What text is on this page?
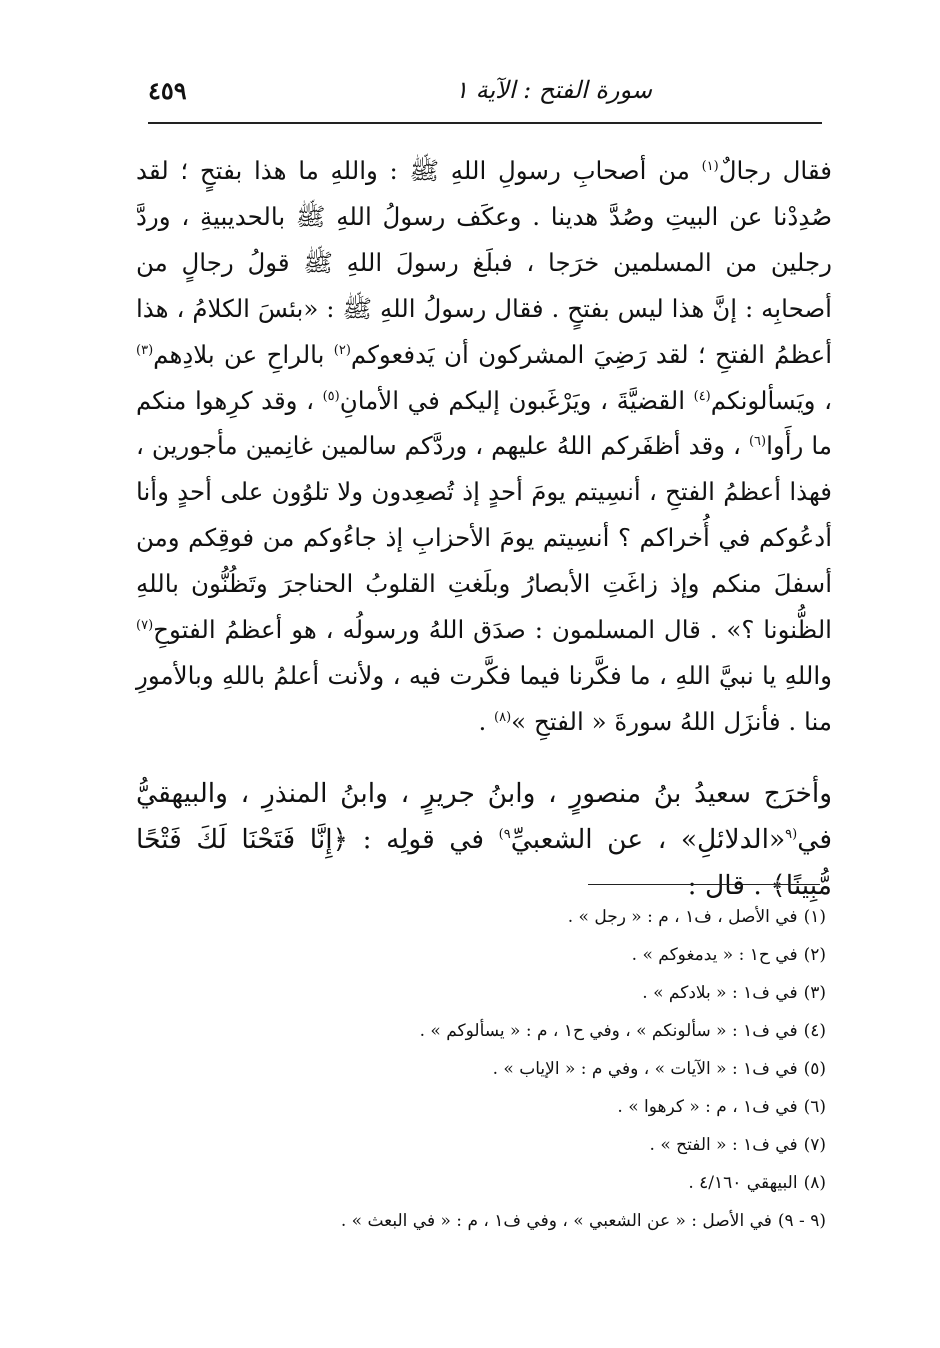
سورة الفتح : الآية ١
٤٥٩

فقال رجالٌ$^{(١)}$ من أصحابِ رسولِ اللهِ ﷺ : واللهِ ما هذا بفتحٍ ؛ لقد صُدِدْنا عن البيتِ وصُدَّ هدينا . وعكَف رسولُ اللهِ ﷺ بالحديبيةِ ، وردَّ رجلين من المسلمين خرَجا ، فبلَغ رسولَ اللهِ ﷺ قولُ رجالٍ من أصحابِه : إنَّ هذا ليس بفتحٍ . فقال رسولُ اللهِ ﷺ : «بئسَ الكلامُ ، هذا أعظمُ الفتحِ ؛ لقد رَضِيَ المشركون أن يَدفعوكم$^{(٢)}$ بالراحِ عن بلادِهم$^{(٣)}$ ، ويَسألونكم$^{(٤)}$ القضيَّةَ ، ويَرْغَبون إليكم في الأمانِ$^{(٥)}$ ، وقد كرِهوا منكم ما رأَوا$^{(٦)}$ ، وقد أظفَركم اللهُ عليهم ، وردَّكم سالمين غانِمين مأجورين ، فهذا أعظمُ الفتحِ ، أنسِيتم يومَ أحدٍ إذ تُصعِدون ولا تلوُون على أحدٍ وأنا أدعُوكم في أُخراكم ؟ أنسِيتم يومَ الأحزابِ إذ جاءُوكم من فوقِكم ومن أسفلَ منكم وإذ زاغَتِ الأبصارُ وبلَغتِ القلوبُ الحناجرَ وتَظُنُّون باللهِ الظُّنونا ؟» . قال المسلمون : صدَق اللهُ ورسولُه ، هو أعظمُ الفتوحِ$^{(٧)}$ واللهِ يا نبيَّ اللهِ ، ما فكَّرنا فيما فكَّرت فيه ، ولأنت أعلمُ باللهِ وبالأمورِ منا . فأنزَل اللهُ سورةَ « الفتحِ »$^{(٨)}$ .

وأخرَج سعيدُ بنُ منصورٍ ، وابنُ جريرٍ ، وابنُ المنذرِ ، والبيهقيُّ في$^{(٩}$«الدلائلِ» ، عن الشعبيِّ$^{٩)}$ في قولِه : ﴿إِنَّا فَتَحْنَا لَكَ فَتْحًا مُّبِينًا﴾ . قال :

(١)في الأصل ، ف١ ، م : « رجل » .
(٢)في ح١ : « يدمغوكم » .
(٣)في ف١ : « بلادكم » .
(٤)في ف١ : « سألونكم » ، وفي ح١ ، م : « يسألوكم » .
(٥)في ف١ : « الآيات » ، وفي م : « الإياب » .
(٦)في ف١ ، م : « كرهوا » .
(٧)في ف١ : « الفتح » .
(٨)البيهقي ٤/١٦٠ .
(٩ - ٩)في الأصل : « عن الشعبي » ، وفي ف١ ، م : « في البعث » .
